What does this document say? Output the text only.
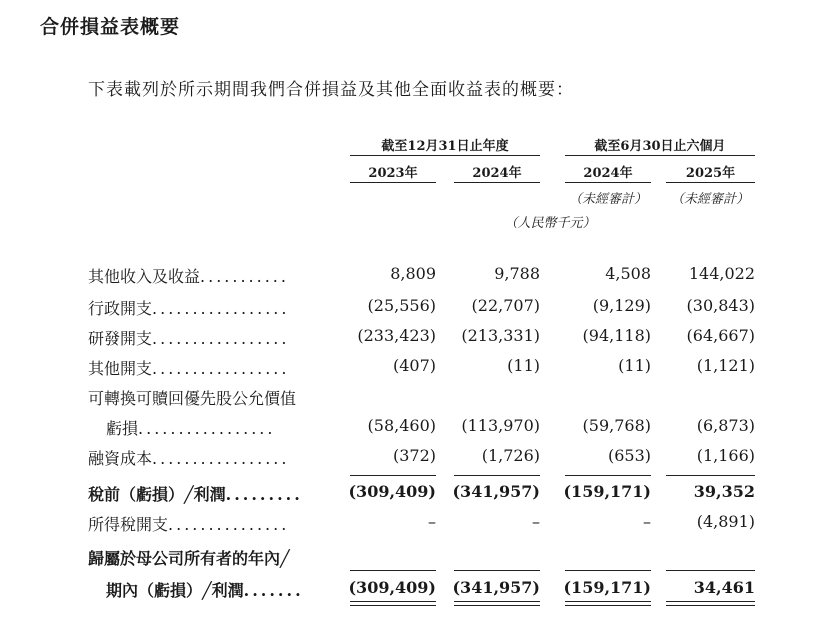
合併損益表概要
下表載列於所示期間我們合併損益及其他全面收益表的概要：
截至12月31日止年度	截至6月30日止六個月
2023年	2024年	2024年	2025年
（未經審計）	（未經審計）
（人民幣千元）
其他收入及收益...........	8,809	9,788	4,508	144,022
行政開支.................	(25,556)	(22,707)	(9,129)	(30,843)
研發開支.................	(233,423)	(213,331)	(94,118)	(64,667)
其他開支.................	(407)	(11)	(11)	(1,121)
可轉換可贖回優先股公允價值
虧損.................	(58,460)	(113,970)	(59,768)	(6,873)
融資成本.................	(372)	(1,726)	(653)	(1,166)
稅前（虧損）╱利潤.........	(309,409)	(341,957)	(159,171)	39,352
所得稅開支...............	–	–	–	(4,891)
歸屬於母公司所有者的年內╱
期內（虧損）╱利潤.......	(309,409)	(341,957)	(159,171)	34,461
